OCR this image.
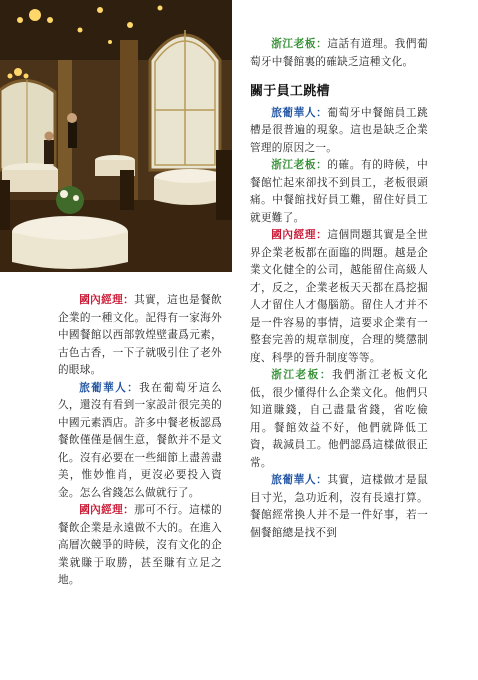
國內經理：其實，這也是餐飲企業的一種文化。記得有一家海外中國餐館以西部敦煌壁畫爲元素，古色古香，一下子就吸引住了老外的眼球。

旅葡華人：我在葡萄牙這么久，還沒有看到一家設計很完美的中國元素酒店。許多中餐老板認爲餐飲僅僅是個生意，餐飲并不是文化。沒有必要在一些細節上盡善盡美，惟妙惟肖，更沒必要投入資金。怎么省錢怎么做就行了。

國內經理：那可不行。這樣的餐飲企業是永遠做不大的。在進入高層次競爭的時候，沒有文化的企業就賺于取勝，甚至賺有立足之地。

浙江老板：這話有道理。我們葡萄牙中餐館裏的確缺乏這種文化。

關于員工跳槽

旅葡華人：葡萄牙中餐館員工跳槽是很普遍的現象。這也是缺乏企業管理的原因之一。

浙江老板：的確。有的時候，中餐館忙起來卻找不到員工，老板很頭痛。中餐館找好員工難，留住好員工就更難了。

國內經理：這個問題其實是全世界企業老板都在面臨的問題。越是企業文化健全的公司，越能留住高級人才，反之，企業老板天天都在爲挖掘人才留住人才傷腦筋。留住人才并不是一件容易的事情，這要求企業有一整套完善的規章制度，合理的獎懲制度、科學的晉升制度等等。

浙江老板：我們浙江老板文化低，很少懂得什么企業文化。他們只知道賺錢，自己盡量省錢，省吃儉用。餐館效益不好，他們就降低工資，裁減員工。他們認爲這樣做很正常。

旅葡華人：其實，這樣做才是鼠目寸光，急功近利，沒有長遠打算。餐館經常換人并不是一件好事，若一個餐館總是找不到
